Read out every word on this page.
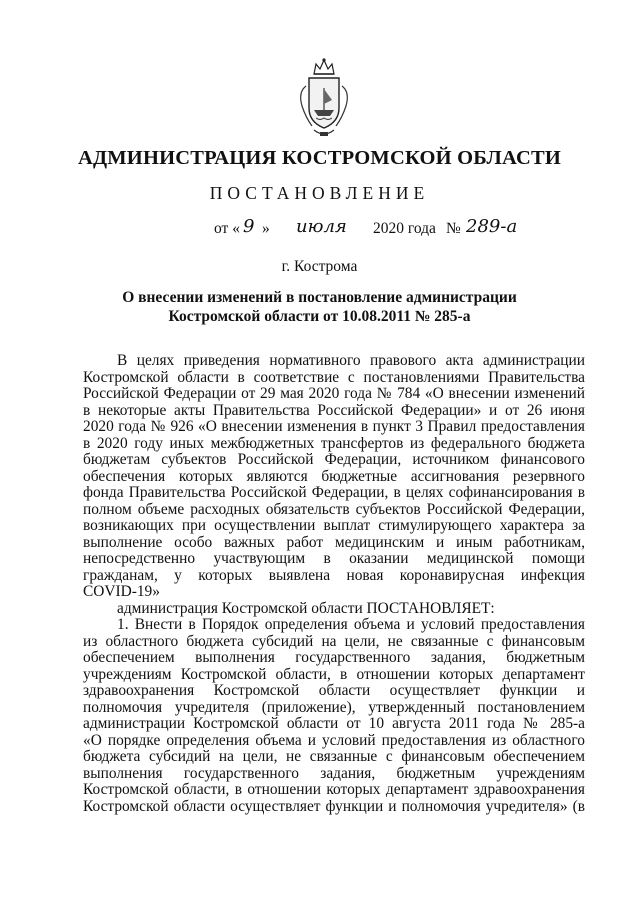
АДМИНИСТРАЦИЯ КОСТРОМСКОЙ ОБЛАСТИ
ПОСТАНОВЛЕНИЕ
от « 9 » июля 2020 года № 289-а
г. Кострома
О внесении изменений в постановление администрации
Костромской области от 10.08.2011 № 285-а
В целях приведения нормативного правового акта администрации
Костромской области в соответствие с постановлениями Правительства
Российской Федерации от 29 мая 2020 года № 784 «О внесении изменений
в некоторые акты Правительства Российской Федерации» и от 26 июня
2020 года № 926 «О внесении изменения в пункт 3 Правил предоставления
в 2020 году иных межбюджетных трансфертов из федерального бюджета
бюджетам субъектов Российской Федерации, источником финансового
обеспечения которых являются бюджетные ассигнования резервного
фонда Правительства Российской Федерации, в целях софинансирования в
полном объеме расходных обязательств субъектов Российской Федерации,
возникающих при осуществлении выплат стимулирующего характера за
выполнение особо важных работ медицинским и иным работникам,
непосредственно участвующим в оказании медицинской помощи
гражданам, у которых выявлена новая коронавирусная инфекция
COVID-19»
администрация Костромской области ПОСТАНОВЛЯЕТ:
1. Внести в Порядок определения объема и условий предоставления
из областного бюджета субсидий на цели, не связанные с финансовым
обеспечением выполнения государственного задания, бюджетным
учреждениям Костромской области, в отношении которых департамент
здравоохранения Костромской области осуществляет функции и
полномочия учредителя (приложение), утвержденный постановлением
администрации Костромской области от 10 августа 2011 года № 285-а
«О порядке определения объема и условий предоставления из областного
бюджета субсидий на цели, не связанные с финансовым обеспечением
выполнения государственного задания, бюджетным учреждениям
Костромской области, в отношении которых департамент здравоохранения
Костромской области осуществляет функции и полномочия учредителя» (в
